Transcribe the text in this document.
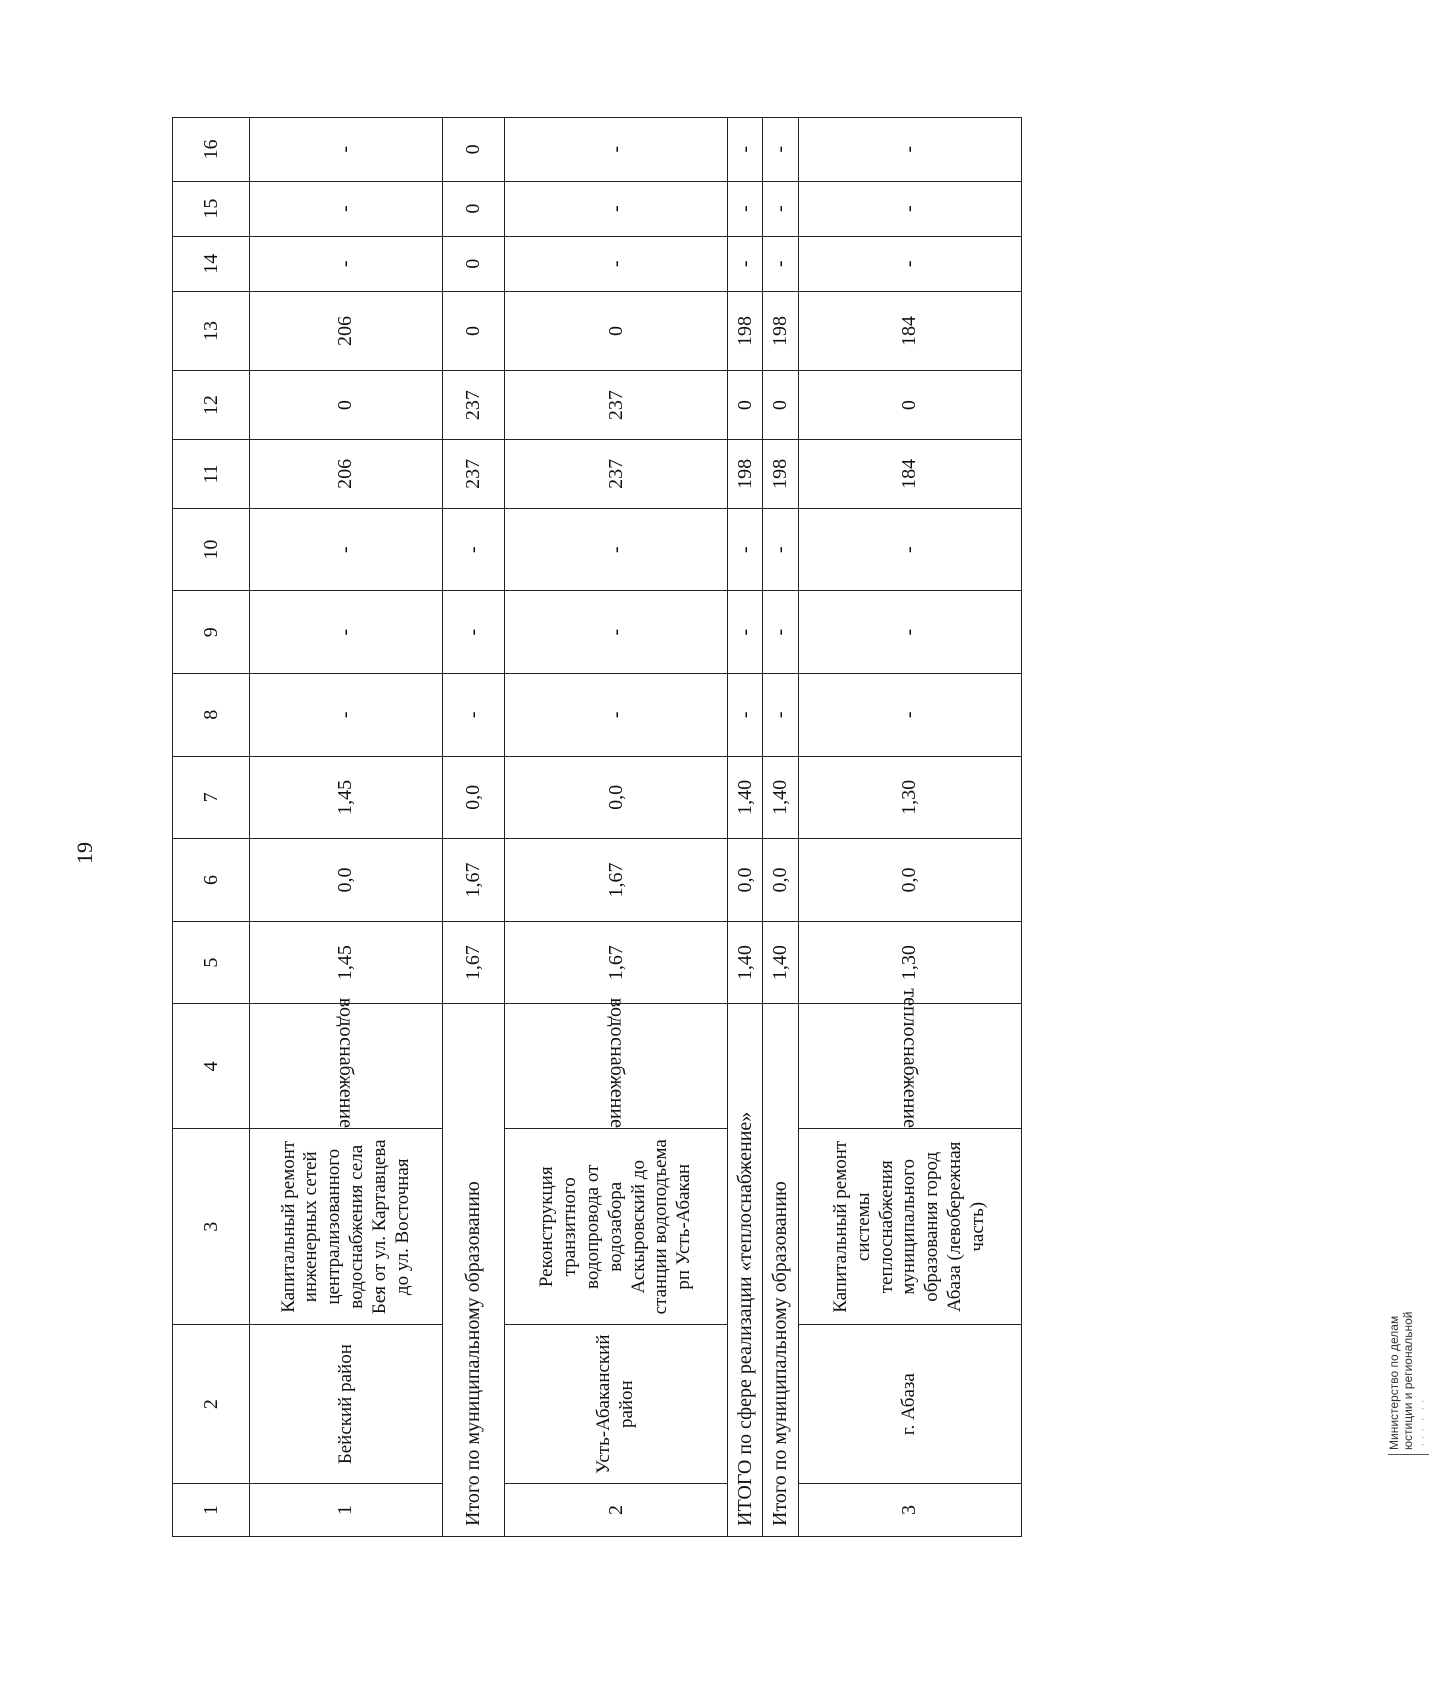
19
1	2	3	4	5	6	7	8	9	10	11	12	13	14	15	16
1	Бейский район	Капитальный ремонт инженерных сетей централизованного водоснабжения села Бея от ул. Картавцева до ул. Восточная	водоснабжение	1,45	0,0	1,45	-	-	-	206	0	206	-	-	-
Итого по муниципальному образованию				1,67	1,67	0,0	-	-	-	237	237	0	0	0	0
2	Усть-Абаканский район	Реконструкция транзитного водопровода от водозабора Аскыровский до станции водоподъема рп Усть-Абакан	водоснабжение	1,67	1,67	0,0	-	-	-	237	237	0	-	-	-
ИТОГО по сфере реализации «теплоснабжение»				1,40	0,0	1,40	-	-	-	198	0	198	-	-	-
Итого по муниципальному образованию				1,40	0,0	1,40	-	-	-	198	0	198	-	-	-
3	г. Абаза	Капитальный ремонт системы теплоснабжения муниципального образования город Абаза (левобережная часть)	теплоснабжение	1,30	0,0	1,30	-	-	-	184	0	184	-	-	-
Министерство по делам юстиции и региональной · · ·  ·  · ·
